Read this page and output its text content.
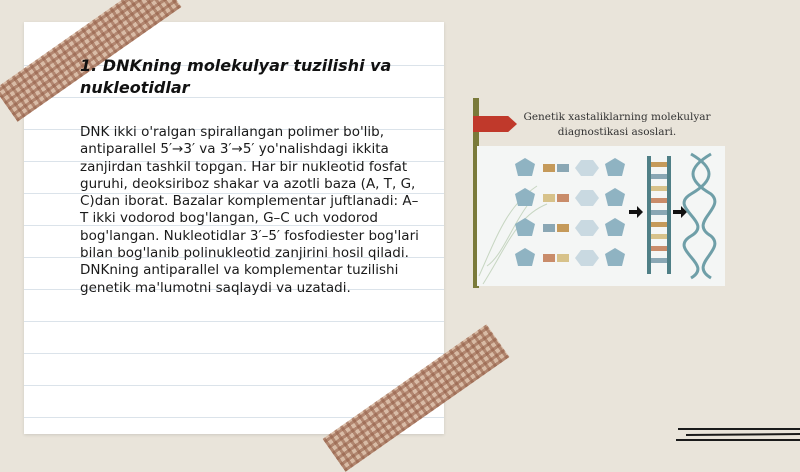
1. DNKning molekulyar tuzilishi va nukleotidlar

DNK ikki o'ralgan spirallangan polimer bo'lib, antiparallel 5′→3′ va 3′→5′ yo'nalishdagi ikkita zanjirdan tashkil topgan. Har bir nukleotid fosfat guruhi, deoksiriboz shakar va azotli baza (A, T, G, C)dan iborat. Bazalar komplementar juftlanadi: A–T ikki vodorod bog'langan, G–C uch vodorod bog'langan. Nukleotidlar 3′–5′ fosfodiester bog'lari bilan bog'lanib polinukleotid zanjirini hosil qiladi. DNKning antiparallel va komplementar tuzilishi genetik ma'lumotni saqlaydi va uzatadi.

Genetik xastaliklarning molekulyar
diagnostikasi asoslari.
